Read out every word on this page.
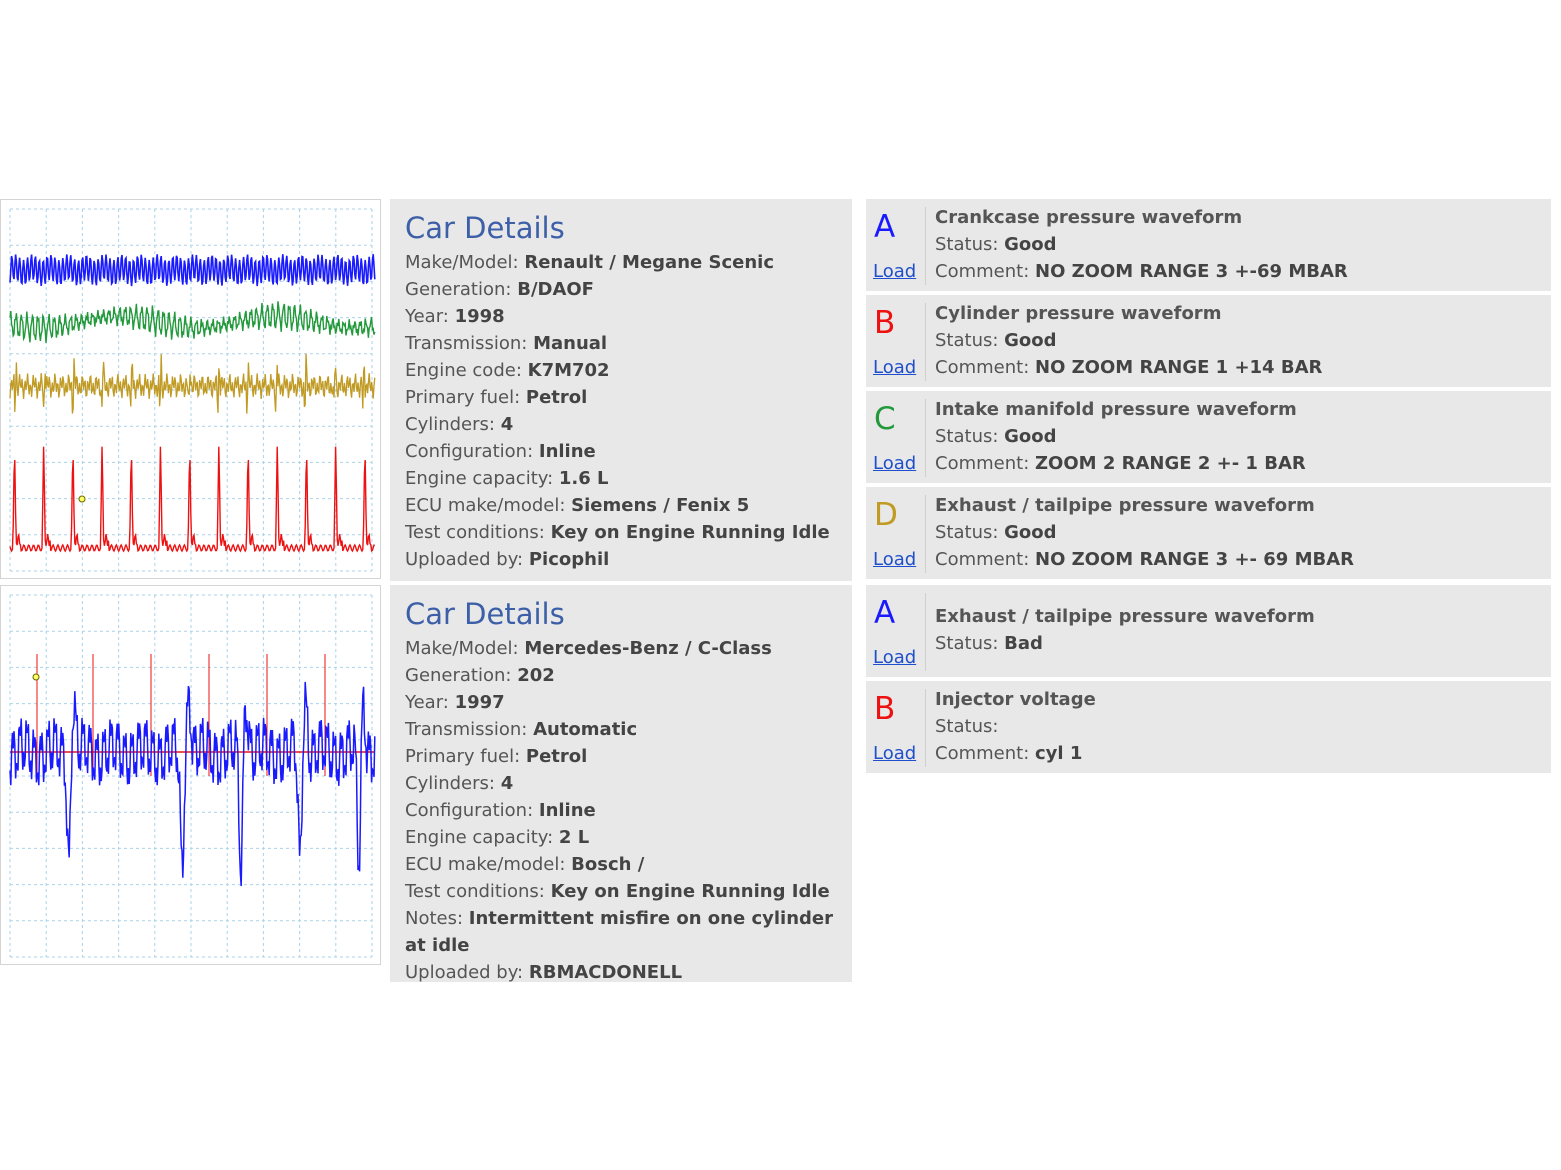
Car Details
Make/Model: Renault / Megane Scenic
Generation: B/DAOF
Year: 1998
Transmission: Manual
Engine code: K7M702
Primary fuel: Petrol
Cylinders: 4
Configuration: Inline
Engine capacity: 1.6 L
ECU make/model: Siemens / Fenix 5
Test conditions: Key on Engine Running Idle
Uploaded by: Picophil
A
Load
Crankcase pressure waveform
Status: Good
Comment: NO ZOOM RANGE 3 +-69 MBAR
B
Load
Cylinder pressure waveform
Status: Good
Comment: NO ZOOM RANGE 1 +14 BAR
C
Load
Intake manifold pressure waveform
Status: Good
Comment: ZOOM 2 RANGE 2 +- 1 BAR
D
Load
Exhaust / tailpipe pressure waveform
Status: Good
Comment: NO ZOOM RANGE 3 +- 69 MBAR
Car Details
Make/Model: Mercedes-Benz / C-Class
Generation: 202
Year: 1997
Transmission: Automatic
Primary fuel: Petrol
Cylinders: 4
Configuration: Inline
Engine capacity: 2 L
ECU make/model: Bosch /
Test conditions: Key on Engine Running Idle
Notes: Intermittent misfire on one cylinder at idle
Uploaded by: RBMACDONELL
A
Load
Exhaust / tailpipe pressure waveform
Status: Bad
B
Load
Injector voltage
Status:
Comment: cyl 1
